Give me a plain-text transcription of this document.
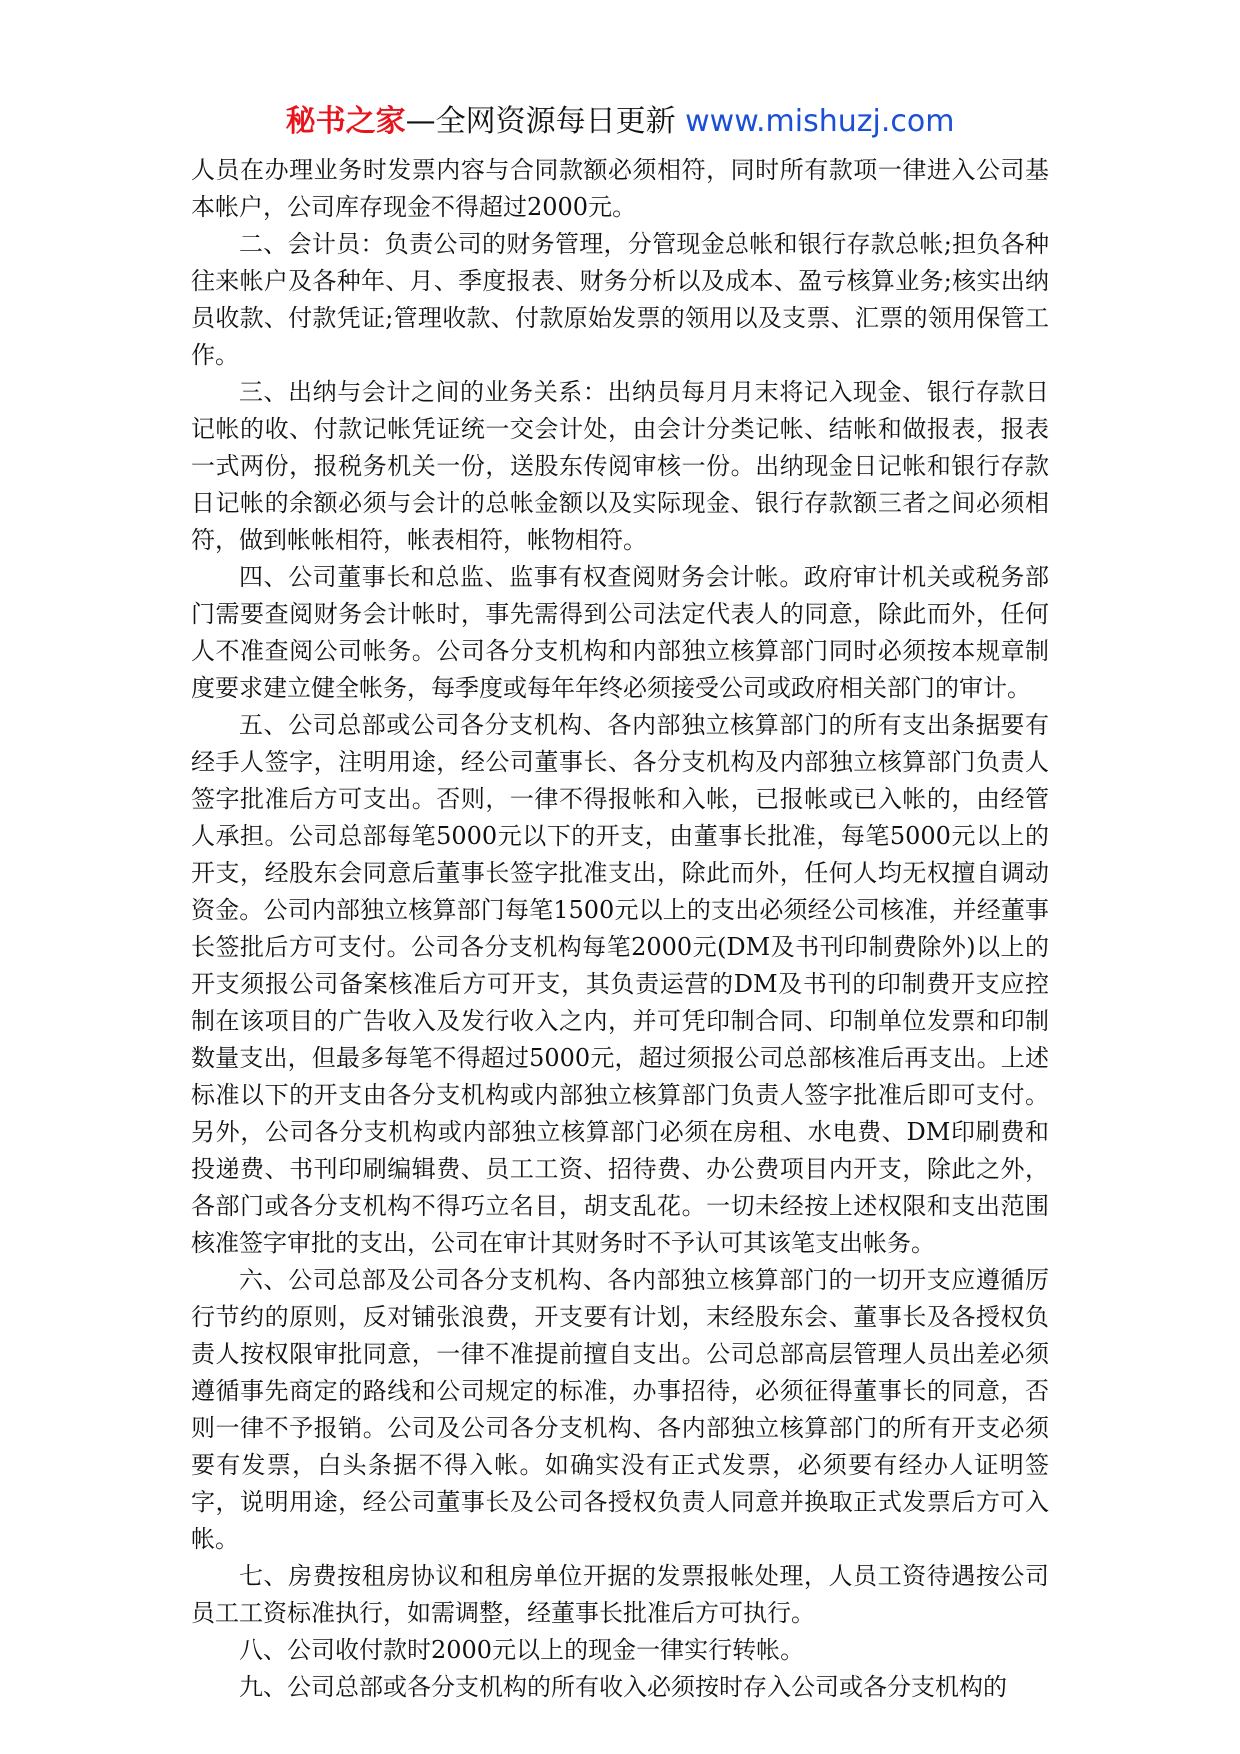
秘书之家—全网资源每日更新 www.mishuzj.com

人员在办理业务时发票内容与合同款额必须相符，同时所有款项一律进入公司基本帐户，公司库存现金不得超过2000元。

二、会计员：负责公司的财务管理，分管现金总帐和银行存款总帐;担负各种往来帐户及各种年、月、季度报表、财务分析以及成本、盈亏核算业务;核实出纳员收款、付款凭证;管理收款、付款原始发票的领用以及支票、汇票的领用保管工作。

三、出纳与会计之间的业务关系：出纳员每月月末将记入现金、银行存款日记帐的收、付款记帐凭证统一交会计处，由会计分类记帐、结帐和做报表，报表一式两份，报税务机关一份，送股东传阅审核一份。出纳现金日记帐和银行存款日记帐的余额必须与会计的总帐金额以及实际现金、银行存款额三者之间必须相符，做到帐帐相符，帐表相符，帐物相符。

四、公司董事长和总监、监事有权查阅财务会计帐。政府审计机关或税务部门需要查阅财务会计帐时，事先需得到公司法定代表人的同意，除此而外，任何人不准查阅公司帐务。公司各分支机构和内部独立核算部门同时必须按本规章制度要求建立健全帐务，每季度或每年年终必须接受公司或政府相关部门的审计。

五、公司总部或公司各分支机构、各内部独立核算部门的所有支出条据要有经手人签字，注明用途，经公司董事长、各分支机构及内部独立核算部门负责人签字批准后方可支出。否则，一律不得报帐和入帐，已报帐或已入帐的，由经管人承担。公司总部每笔5000元以下的开支，由董事长批准，每笔5000元以上的开支，经股东会同意后董事长签字批准支出，除此而外，任何人均无权擅自调动资金。公司内部独立核算部门每笔1500元以上的支出必须经公司核准，并经董事长签批后方可支付。公司各分支机构每笔2000元(DM及书刊印制费除外)以上的开支须报公司备案核准后方可开支，其负责运营的DM及书刊的印制费开支应控制在该项目的广告收入及发行收入之内，并可凭印制合同、印制单位发票和印制数量支出，但最多每笔不得超过5000元，超过须报公司总部核准后再支出。上述标准以下的开支由各分支机构或内部独立核算部门负责人签字批准后即可支付。另外，公司各分支机构或内部独立核算部门必须在房租、水电费、DM印刷费和投递费、书刊印刷编辑费、员工工资、招待费、办公费项目内开支，除此之外，各部门或各分支机构不得巧立名目，胡支乱花。一切未经按上述权限和支出范围核准签字审批的支出，公司在审计其财务时不予认可其该笔支出帐务。

六、公司总部及公司各分支机构、各内部独立核算部门的一切开支应遵循厉行节约的原则，反对铺张浪费，开支要有计划，末经股东会、董事长及各授权负责人按权限审批同意，一律不准提前擅自支出。公司总部高层管理人员出差必须遵循事先商定的路线和公司规定的标准，办事招待，必须征得董事长的同意，否则一律不予报销。公司及公司各分支机构、各内部独立核算部门的所有开支必须要有发票，白头条据不得入帐。如确实没有正式发票，必须要有经办人证明签字，说明用途，经公司董事长及公司各授权负责人同意并换取正式发票后方可入帐。

七、房费按租房协议和租房单位开据的发票报帐处理，人员工资待遇按公司员工工资标准执行，如需调整，经董事长批准后方可执行。

八、公司收付款时2000元以上的现金一律实行转帐。

九、公司总部或各分支机构的所有收入必须按时存入公司或各分支机构的
